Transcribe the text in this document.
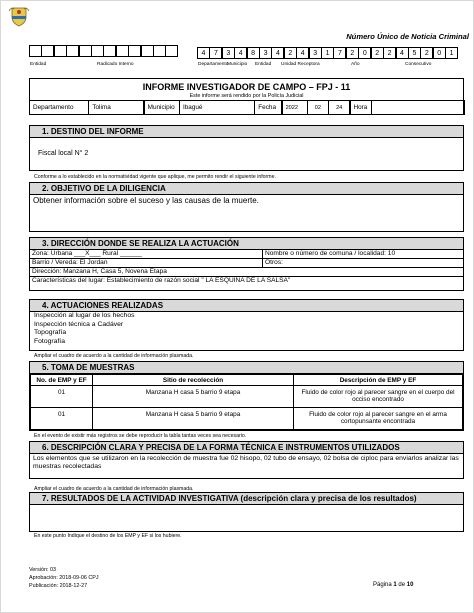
Número Único de Noticia Criminal
4	7	3	4	8	3	4	2	4	3	1	7	2	0	2	2	4	5	2	0	1
Entidad	Radicado Interno	Departamento
Municipio Entidad Unidad Receptora	Año	Consecutivo
INFORME INVESTIGADOR DE CAMPO – FPJ - 11
Este informe será rendido por la Policía Judicial
Departamento	Tolima	Municipio	Ibagué	Fecha	2022	02	24	Hora
1. DESTINO DEL INFORME
Fiscal local N° 2
Conforme a lo establecido en la normatividad vigente que aplique, me permito rendir el siguiente informe.
2. OBJETIVO DE LA DILIGENCIA
Obtener información sobre el suceso y las causas de la muerte.
3. DIRECCIÓN DONDE SE REALIZA LA ACTUACIÓN
Zona: Urbana ___X___ Rural ______	Nombre o número de comuna / localidad: 10
Barrio / Vereda: El Jordan	Otros:
Dirección: Manzana H, Casa 5, Novena Etapa
Características del lugar: Establecimiento de razón social " LA ESQUINA DE LA SALSA"
4. ACTUACIONES REALIZADAS
Inspección al lugar de los hechos
Inspección técnica a Cadáver
Topografía
Fotografía
Ampliar el cuadro de acuerdo a la cantidad de información plasmada.
5. TOMA DE MUESTRAS
No. de EMP y EF	Sitio de recolección	Descripción de EMP y EF
01	Manzana H casa 5 barrio 9 etapa	Fluido de color rojo al parecer sangre en el cuerpo del occiso encontrado
01	Manzana H casa 5 barrio 9 etapa	Fluido de color rojo al parecer sangre en el arma cortopunsante encontrada
En el evento de existir más registros se debe reproducir la tabla tantas veces sea necesario.
6. DESCRIPCIÓN CLARA Y PRECISA DE LA FORMA TÉCNICA E INSTRUMENTOS UTILIZADOS
Los elementos que se utilizaron en la recolección de muestra fue 02 hisopo, 02 tubo de ensayo, 02 bolsa de ciploc para enviarlos analizar las muestras recolectadas
Ampliar el cuadro de acuerdo a la cantidad de información plasmada.
7. RESULTADOS DE LA ACTIVIDAD INVESTIGATIVA (descripción clara y precisa de los resultados)
En este punto Indique el destino de los EMP y EF si los hubiere.
Versión: 03
Aprobación: 2018-09-06 CPJ
Publicación: 2018-12-27	Página 1 de 10
